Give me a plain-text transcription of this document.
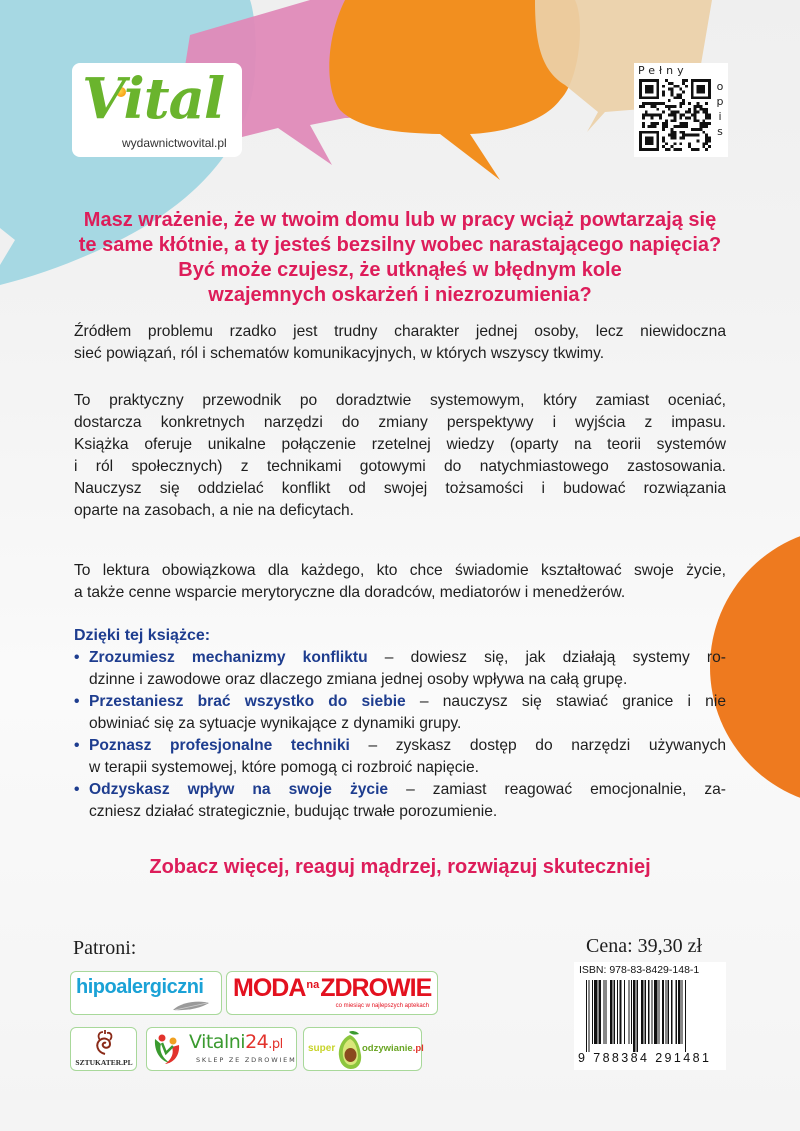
Vital
wydawnictwovital.pl
Pełny
o
p
i
s
Masz wrażenie, że w twoim domu lub w pracy wciąż powtarzają się
te same kłótnie, a ty jesteś bezsilny wobec narastającego napięcia?
Być może czujesz, że utknąłeś w błędnym kole
wzajemnych oskarżeń i niezrozumienia?
Źródłem problemu rzadko jest trudny charakter jednej osoby, lecz niewidoczna
sieć powiązań, ról i schematów komunikacyjnych, w których wszyscy tkwimy.
To praktyczny przewodnik po doradztwie systemowym, który zamiast oceniać,
dostarcza konkretnych narzędzi do zmiany perspektywy i wyjścia z impasu.
Książka oferuje unikalne połączenie rzetelnej wiedzy (oparty na teorii systemów
i ról społecznych) z technikami gotowymi do natychmiastowego zastosowania.
Nauczysz się oddzielać konflikt od swojej tożsamości i budować rozwiązania
oparte na zasobach, a nie na deficytach.
To lektura obowiązkowa dla każdego, kto chce świadomie kształtować swoje życie,
a także cenne wsparcie merytoryczne dla doradców, mediatorów i menedżerów.
Dzięki tej książce:
• Zrozumiesz mechanizmy konfliktu – dowiesz się, jak działają systemy ro-
dzinne i zawodowe oraz dlaczego zmiana jednej osoby wpływa na całą grupę.
• Przestaniesz brać wszystko do siebie – nauczysz się stawiać granice i nie
obwiniać się za sytuacje wynikające z dynamiki grupy.
• Poznasz profesjonalne techniki – zyskasz dostęp do narzędzi używanych
w terapii systemowej, które pomogą ci rozbroić napięcie.
• Odzyskasz wpływ na swoje życie – zamiast reagować emocjonalnie, za-
czniesz działać strategicznie, budując trwałe porozumienie.
Zobacz więcej, reaguj mądrzej, rozwiązuj skuteczniej
Patroni:
hipoalergiczni $MODA^{na}ZDROWIE$
co miesiąc w najlepszych aptekach
SZTUKATER.PL
Vitalni24.pl
SKLEP ZE ZDROWIEM
super	odzywianie.pl
Cena: 39,30 zł
ISBN: 978-83-8429-148-1
9 788384 291481
